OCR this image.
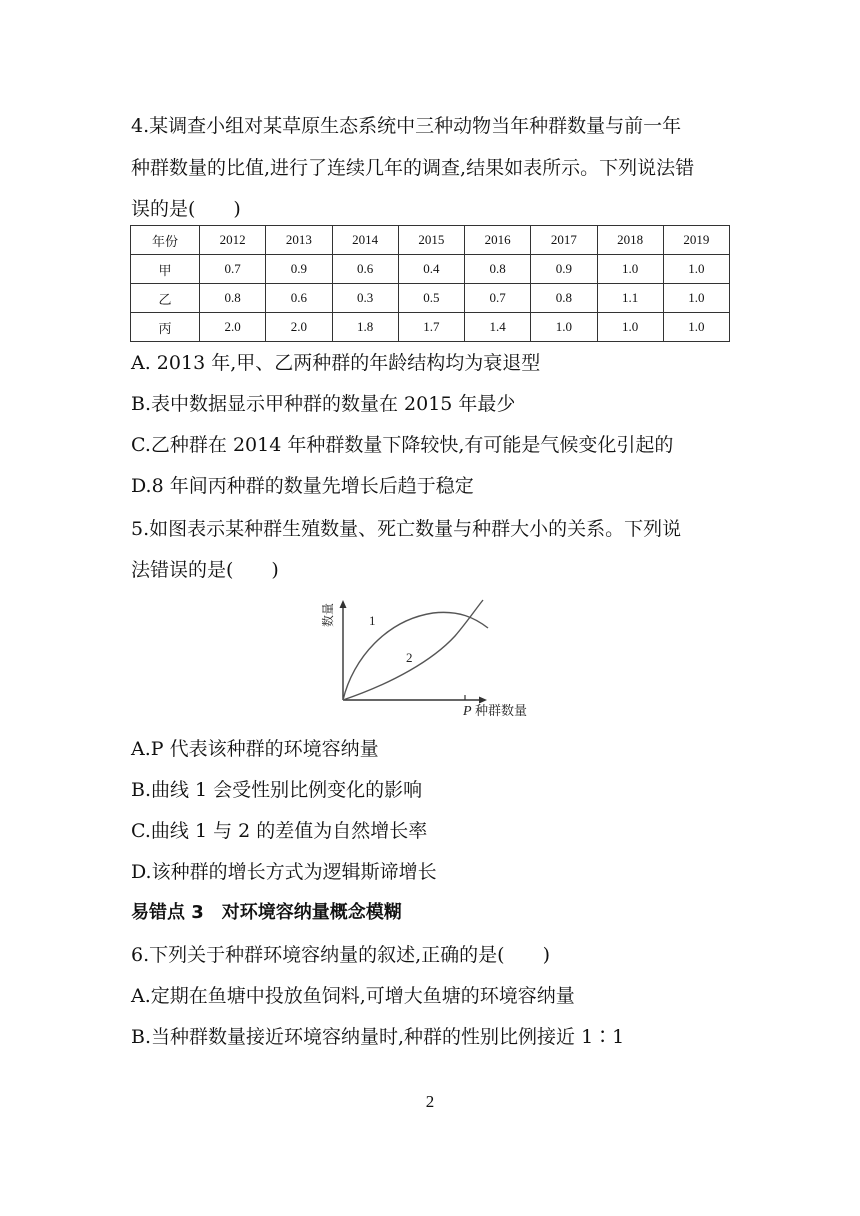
4.某调查小组对某草原生态系统中三种动物当年种群数量与前一年
种群数量的比值,进行了连续几年的调查,结果如表所示。下列说法错
误的是(　　)
年份	2012	2013	2014	2015	2016	2017	2018	2019
甲	0.7	0.9	0.6	0.4	0.8	0.9	1.0	1.0
乙	0.8	0.6	0.3	0.5	0.7	0.8	1.1	1.0
丙	2.0	2.0	1.8	1.7	1.4	1.0	1.0	1.0
A. 2013 年,甲、乙两种群的年龄结构均为衰退型
B.表中数据显示甲种群的数量在 2015 年最少
C.乙种群在 2014 年种群数量下降较快,有可能是气候变化引起的
D.8 年间丙种群的数量先增长后趋于稳定
5.如图表示某种群生殖数量、死亡数量与种群大小的关系。下列说
法错误的是(　　)
数量	1
2
P 种群数量
A.P 代表该种群的环境容纳量
B.曲线 1 会受性别比例变化的影响
C.曲线 1 与 2 的差值为自然增长率
D.该种群的增长方式为逻辑斯谛增长
易错点 3　对环境容纳量概念模糊
6.下列关于种群环境容纳量的叙述,正确的是(　　)
A.定期在鱼塘中投放鱼饲料,可增大鱼塘的环境容纳量
B.当种群数量接近环境容纳量时,种群的性别比例接近 1∶1
2
